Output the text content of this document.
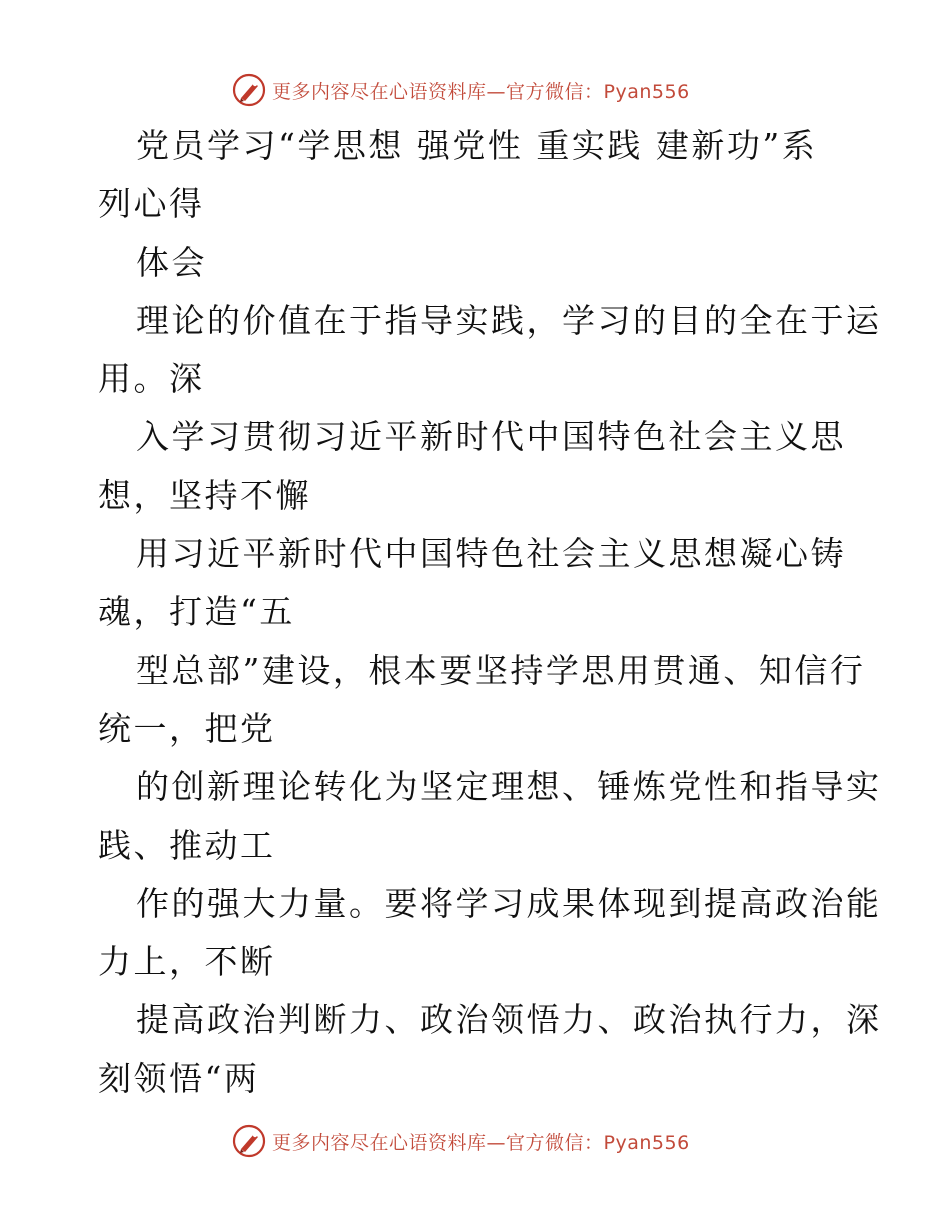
更多内容尽在心语资料库—官方微信：Pyan556
党员学习“学思想 强党性 重实践 建新功”系
列心得
体会
理论的价值在于指导实践，学习的目的全在于运
用。深
入学习贯彻习近平新时代中国特色社会主义思
想，坚持不懈
用习近平新时代中国特色社会主义思想凝心铸
魂，打造“五
型总部”建设，根本要坚持学思用贯通、知信行
统一，把党
的创新理论转化为坚定理想、锤炼党性和指导实
践、推动工
作的强大力量。要将学习成果体现到提高政治能
力上，不断
提高政治判断力、政治领悟力、政治执行力，深
刻领悟“两
更多内容尽在心语资料库—官方微信：Pyan556
